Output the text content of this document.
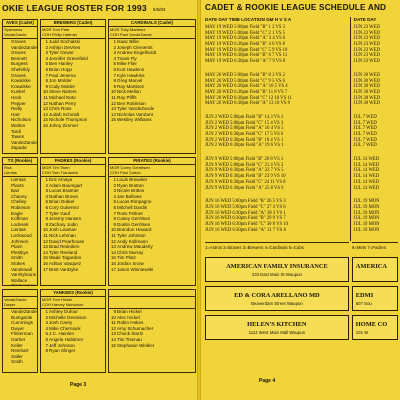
OKIE LEAGUE ROSTER FOR 1993 5/5/93
AVES (Cadet)
Spartanos
VandeZande
Graves
VandeZande
Graves
Bennett
Burgess
Shefelbly
Graves
Kowalske
Kowalske
Kunkel
Heck
Pepper
Reilly
Hart
Nicholson
Walton
Tardi
Tawes
VandeZande
Zapada
BREWERS (Cadet)
MGR Tom Pete
COH Philip Hafman
1 Judd Sochalski
2 Ashlyn DeVries
3 Tyler Gower
4 Jennifer Greenfield
5 Ben Hanley
6 Brian Hopp
7 Paul Jenema
8 Jon Molder
9 Cody Molder
10 Steve Nieters
11 Michael Noto
12 Nathan Perry
13 Chris Ross
14 Judah Schmidt
15 Nichole Thompson
16 Johny Zimmer
CARDINALS (Cadet)
MGR Toby Martinez
COH Paul VandeZande
1 Isaac Billie
2 Joseph Clements
3 Andrew Engelhardt
4 Travis Fly
5 Mike Flier
6 Kurt Hawkins
7 Kyle Hawkins
8 Greg Marvel
9 Ray Martinez
10 Nick Mellon
11 Ray Pfiffs
12 Ben Robinson
13 Tyler VandeZande
14 Nicholas VanZant
15 Westley Williams
TS (Rookie)
Rick
Lientas
Lientas
Plants
Bair
Chaney
Chelley
Robinson
Eagle
Koffman
Lodnsek
Lientas
Lockwood
Johnson
Plaim
Plestkyn
Smith
Stokes
Vandewall
VanRybrans
Wallace
Zimmerman
PADRES (Rookie)
MGR Tim Tisen
COH Tom Trautwein
1 Eric Amaya
2 Adam Baumgart
3 Lucas Bratmer
4 Nathan Brown
5 Brian Dubiel
6 Cory Gutierrez
7 Tyler Gauf
8 Jeremy Hansen
9 Zachary Judin
10 Josh Leaman
11 Nick Lehman
12 David Pearhouse
13 Brad Redniken
14 Tyler Reeland
15 Wade Tagarden
16 Adrian Vasquez
17 Brett VanDyke
PIRATES (Rookie)
MGR Corey Gerrittsen
COH Paul Sutton
1 Louis Brewster
2 Ryan Bratton
3 Nicole Britton
4 Jan Bellows
5 Lucas Rimpagno
6 Mitchell Dardis
7 Ross Feltner
8 Casey Gerritsen
9 Dustin Gerritsen
10 Brandon Howard
11 Tyler Johnson
12 Andy Kollmann
13 Andrew Mauderly
14 Chris Murray
15 Tim Platz
16 Jordan Snow
17 Jason Wisniewski
VandeZande
Dwyer
VandeZande
Bumgarde
Cummings
Dwyer
Flinterman
Garber
Keller
Reinhart
Saller
Smith
YANKEES (Rookie)
MGR Tom Hickel
COH Harvey Nicholson
1 Ashley Dufour
2 Michelle Dennison
3 Josh Carey
4 Mike Cherniack
5 J.C. Hainlen
6 Angela Habitmer
7 Jeff Johnson
8 Ryan Slinger
9 Brian Hickel
10 Alec Hickel
11 Robin Hokes
12 Amy Schumacher
13 Chuck Stortz
14 Tim Tisenau
15 Stephanie Winkler
Page 3
CADET & ROOKIE LEAGUE SCHEDULE AND
DATE DAY TIME LOCATION GM H V S A
MAY 19 WED 5:00pm Field "B" 1 2 VS 3
MAY 19 WED 5:00pm Field "C" 2 1 VS 5
MAY 19 WED 6:30pm Field "A" 3 4 VS 6
MAY 19 WED 6:30pm Field "B" 4 6 VS 8
MAY 19 WED 6:30pm Field "C" 5 9 VS 10
MAY 19 WED 6:30pm Field "B" 6 7 VS 11
MAY 19 WED 6:30pm Field "A" 7 9 VS 8
MAY 26 WED 5:00pm Field "B" 8 3 VS 2
MAY 26 WED 5:00pm Field "C" 9 5 VS 6
MAY 26 WED 6:30pm Field "A" 10 5 VS 4
MAY 26 WED 6:30pm Field "B" 11 8 VS 7
MAY 26 WED 6:30pm Field "C" 12 10 VS 11
MAY 26 WED 6:30pm Field "A" 13 10 VS 9
JUN 2 WED 5:00pm Field "B" 14 3 VS 1
JUN 2 WED 5:00pm Field "C" 15 4 VS 3
JUN 2 WED 5:00pm Field "A" 16 4 VS 5
JUN 2 WED 6:30pm Field "C" 17 5 VS 6
JUN 2 WED 6:30pm Field "B" 18 4 VS 1
JUN 2 WED 6:30pm Field "A" 19 6 VS 1
JUN 9 WED 5:00pm Field "B" 20 8 VS 1
JUN 9 WED 5:00pm Field "C" 21 4 VS 3
JUN 9 WED 6:30pm Field "A" 22 7 VS 5
JUN 9 WED 6:30pm Field "B" 23 9 VS 10
JUN 9 WED 6:30pm Field "C" 24 11 VS 8
JUN 9 WED 6:30pm Field "A" 25 8 VS 9
JUN 16 WED 5:00pm Field "B" 26 5 VS 3
JUN 16 WED 5:00pm Field "C" 27 4 VS 6
JUN 16 WED 6:30pm Field "A" 28 3 VS 1
JUN 16 WED 6:30pm Field "B" 29 9 VS 7
JUN 16 WED 6:30pm Field "C" 30 8 VS 10
JUN 16 WED 6:30pm Field "A" 31 7 VS 8
DATE DAY
JUN 23 WED
JUN 23 WED
JUN 23 WED
JUN 23 WED
JUN 23 WED
JUN 23 WED
JUN 23 WED
JUN 30 WED
JUN 30 WED
JUN 30 WED
JUN 30 WED
JUN 30 WED
JUN 30 WED
JUL 7 WED
JUL 7 WED
JUL 7 WED
JUL 7 WED
JUL 7 WED
JUL 7 WED
JUL 14 WED
JUL 14 WED
JUL 14 WED
JUL 14 WED
JUL 14 WED
JUL 14 WED
JUL 19 MON
JUL 19 MON
JUL 19 MON
JUL 19 MON
JUL 19 MON
JUL 19 MON
1=Astros 2=Braves 3=Brewers 4=Cardinals 5=Cubs	9=Mets 7=Padres
AMERICAN FAMILY INSURANCE
233 East Main St-Waupun
AMERICA
ED & CORA ARELLANO MD
Beaverdam Street Waupun
EDMI
507 Sou
HELEN'S KITCHEN
1114 West Main Mall Waupun
HOME CO
101 W
Page 4
